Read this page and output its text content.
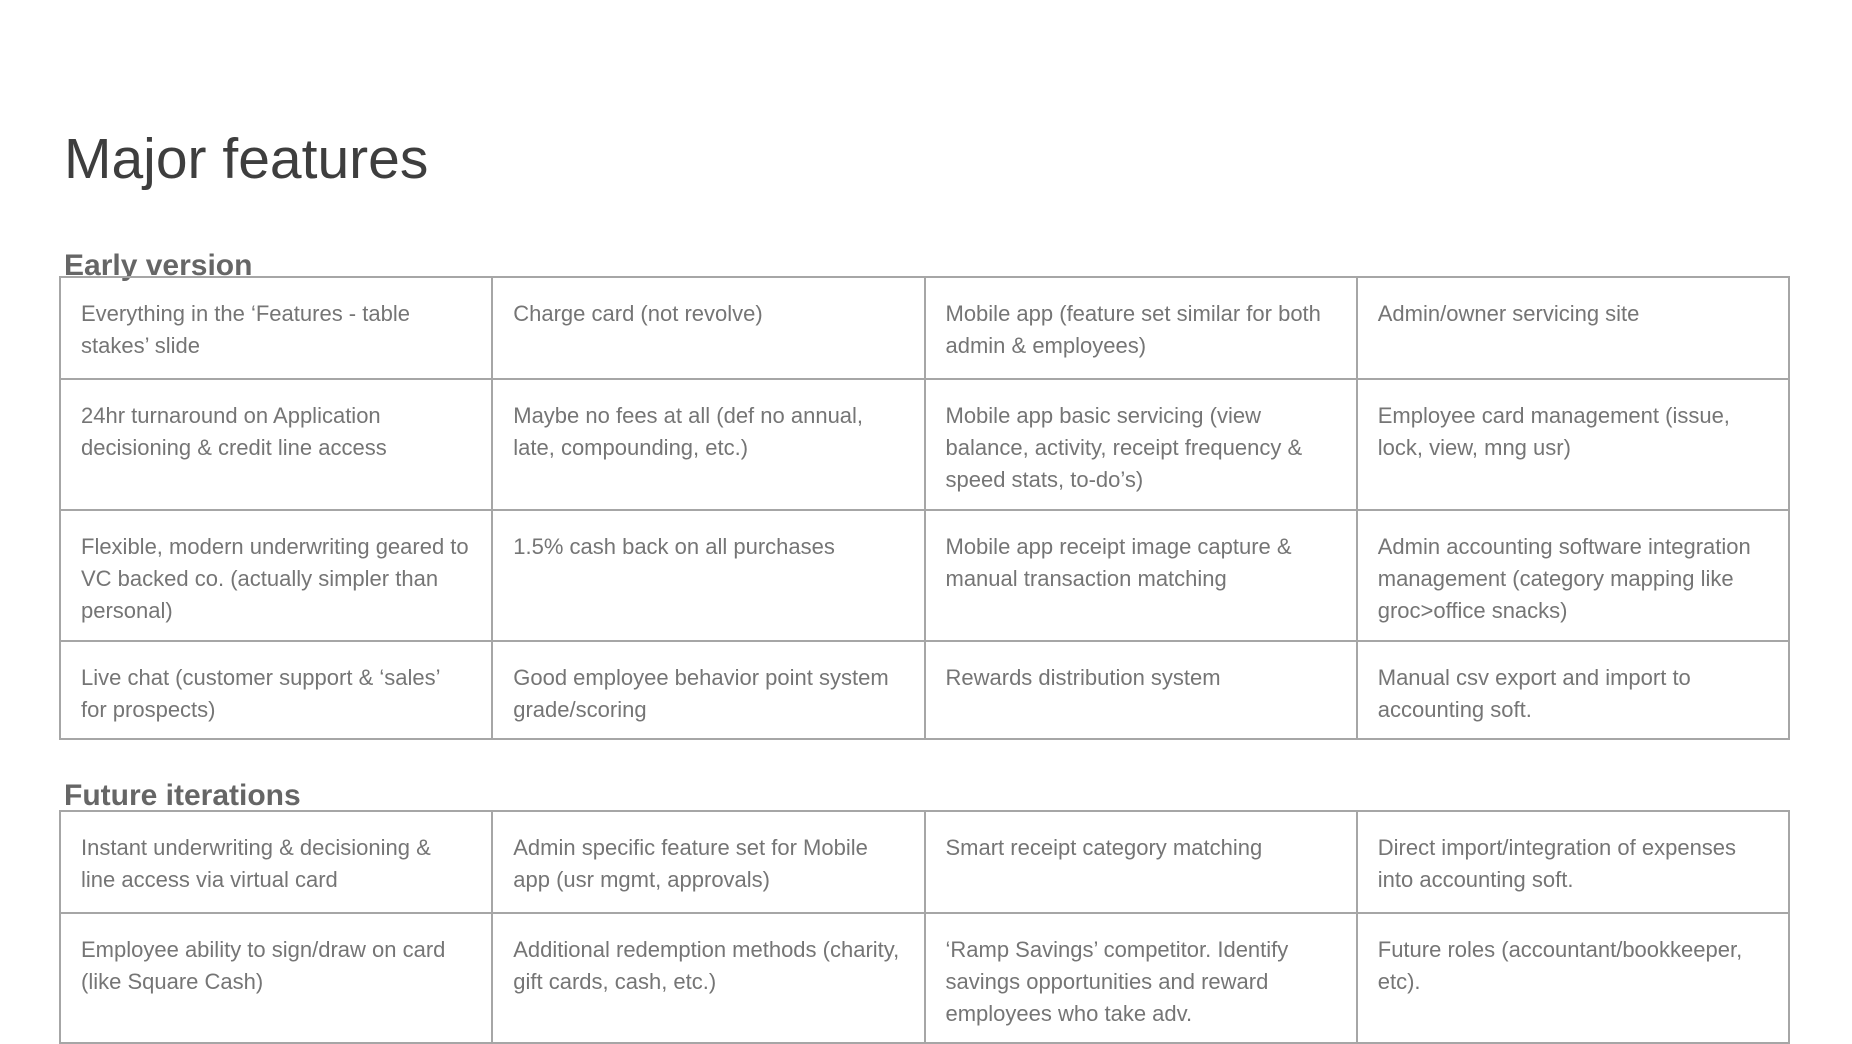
Major features
Early version
Everything in the ‘Features - table stakes’ slide	Charge card (not revolve)	Mobile app (feature set similar for both admin & employees)	Admin/owner servicing site
24hr turnaround on Application decisioning & credit line access	Maybe no fees at all (def no annual, late, compounding, etc.)	Mobile app basic servicing (view balance, activity, receipt frequency & speed stats, to-do’s)	Employee card management (issue, lock, view, mng usr)
Flexible, modern underwriting geared to VC backed co. (actually simpler than personal)	1.5% cash back on all purchases	Mobile app receipt image capture & manual transaction matching	Admin accounting software integration management (category mapping like groc>office snacks)
Live chat (customer support & ‘sales’ for prospects)	Good employee behavior point system grade/scoring	Rewards distribution system	Manual csv export and import to accounting soft.
Future iterations
Instant underwriting & decisioning & line access via virtual card	Admin specific feature set for Mobile app (usr mgmt, approvals)	Smart receipt category matching	Direct import/integration of expenses into accounting soft.
Employee ability to sign/draw on card (like Square Cash)	Additional redemption methods (charity, gift cards, cash, etc.)	‘Ramp Savings’ competitor. Identify savings opportunities and reward employees who take adv.	Future roles (accountant/bookkeeper, etc).
